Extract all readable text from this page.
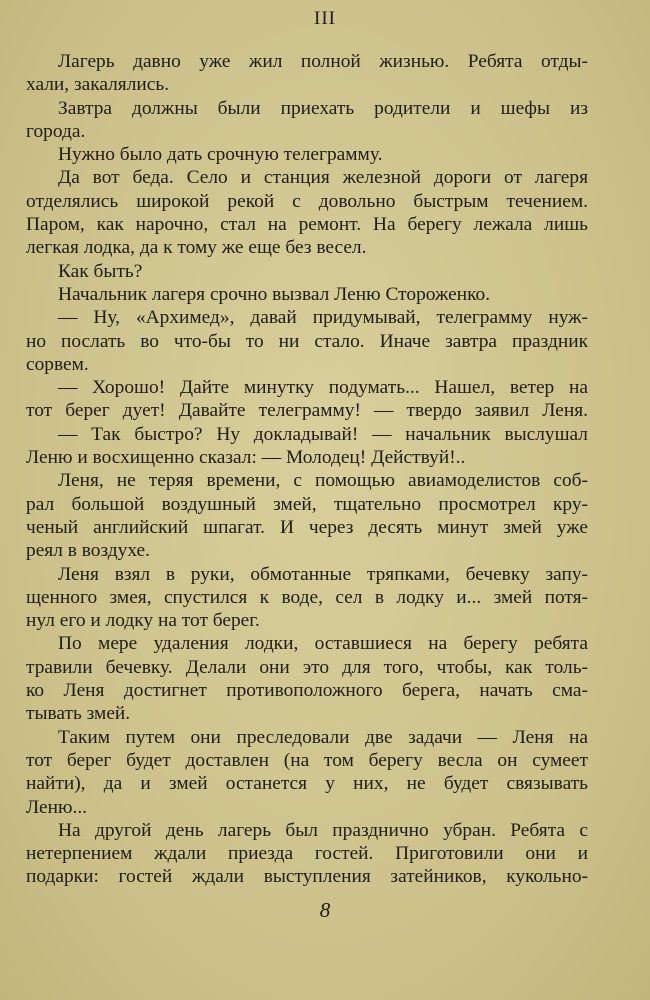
III
Лагерь давно уже жил полной жизнью. Ребята отды-
хали, закалялись.
Завтра должны были приехать родители и шефы из
города.
Нужно было дать срочную телеграмму.
Да вот беда. Село и станция железной дороги от лагеря
отделялись широкой рекой с довольно быстрым течением.
Паром, как нарочно, стал на ремонт. На берегу лежала лишь
легкая лодка, да к тому же еще без весел.
Как быть?
Начальник лагеря срочно вызвал Леню Стороженко.
— Ну, «Архимед», давай придумывай, телеграмму нуж-
но послать во что-бы то ни стало. Иначе завтра праздник
сорвем.
— Хорошо! Дайте минутку подумать... Нашел, ветер на
тот берег дует! Давайте телеграмму! — твердо заявил Леня.
— Так быстро? Ну докладывай! — начальник выслушал
Леню и восхищенно сказал: — Молодец! Действуй!..
Леня, не теряя времени, с помощью авиамоделистов соб-
рал большой воздушный змей, тщательно просмотрел кру-
ченый английский шпагат. И через десять минут змей уже
реял в воздухе.
Леня взял в руки, обмотанные тряпками, бечевку запу-
щенного змея, спустился к воде, сел в лодку и... змей потя-
нул его и лодку на тот берег.
По мере удаления лодки, оставшиеся на берегу ребята
травили бечевку. Делали они это для того, чтобы, как толь-
ко Леня достигнет противоположного берега, начать сма-
тывать змей.
Таким путем они преследовали две задачи — Леня на
тот берег будет доставлен (на том берегу весла он сумеет
найти), да и змей останется у них, не будет связывать
Леню...
На другой день лагерь был празднично убран. Ребята с
нетерпением ждали приезда гостей. Приготовили они и
подарки: гостей ждали выступления затейников, кукольно-
8
